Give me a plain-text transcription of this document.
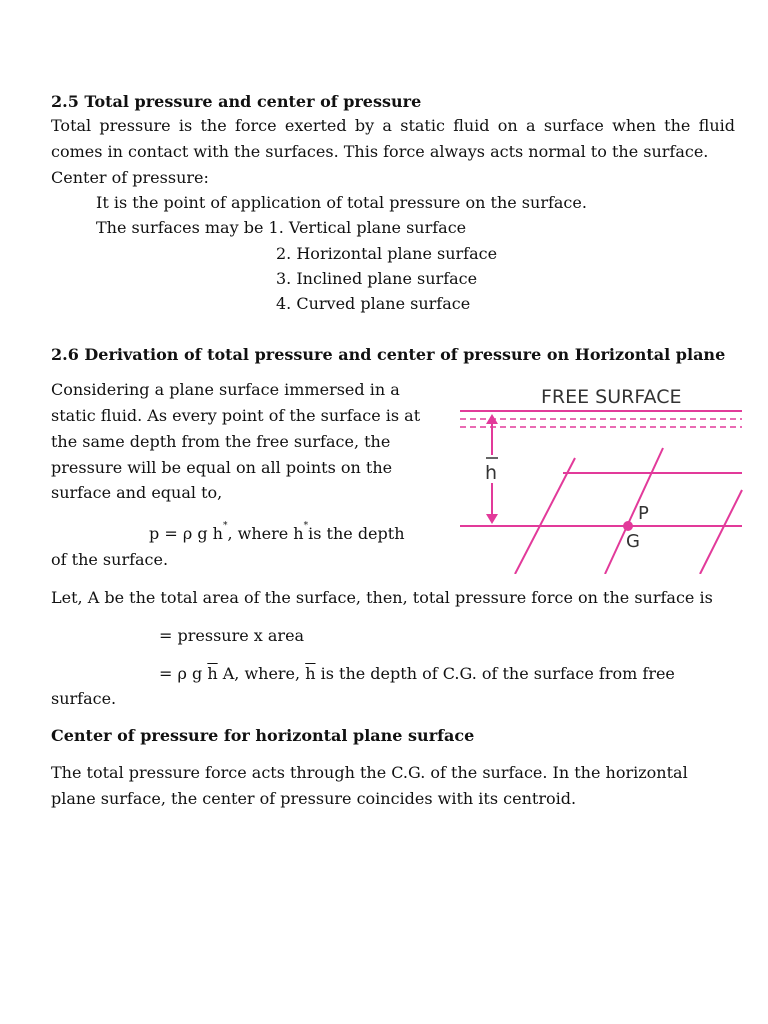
2.5 Total pressure and center of pressure
Total pressure is the force exerted by a static fluid on a surface when the fluid
comes in contact with the surfaces. This force always acts normal to the surface.
Center of pressure:
It is the point of application of total pressure on the surface.
The surfaces may be 1. Vertical plane surface
2. Horizontal plane surface
3. Inclined plane surface
4. Curved plane surface
2.6 Derivation of total pressure and center of pressure on Horizontal plane
Considering a plane surface immersed in a
static fluid. As every point of the surface is at
the same depth from the free surface, the
pressure will be equal on all points on the
surface and equal to,
p = ρ g h*, where h*is the depth
of the surface.
Let, A be the total area of the surface, then, total pressure force on the surface is
= pressure x area
= ρ g $\overline{h}$ A, where, $\overline{h}$ is the depth of C.G. of the surface from free
surface.
Center of pressure for horizontal plane surface
The total pressure force acts through the C.G. of the surface. In the horizontal
plane surface, the center of pressure coincides with its centroid.
FREE SURFACE
h
P
G
